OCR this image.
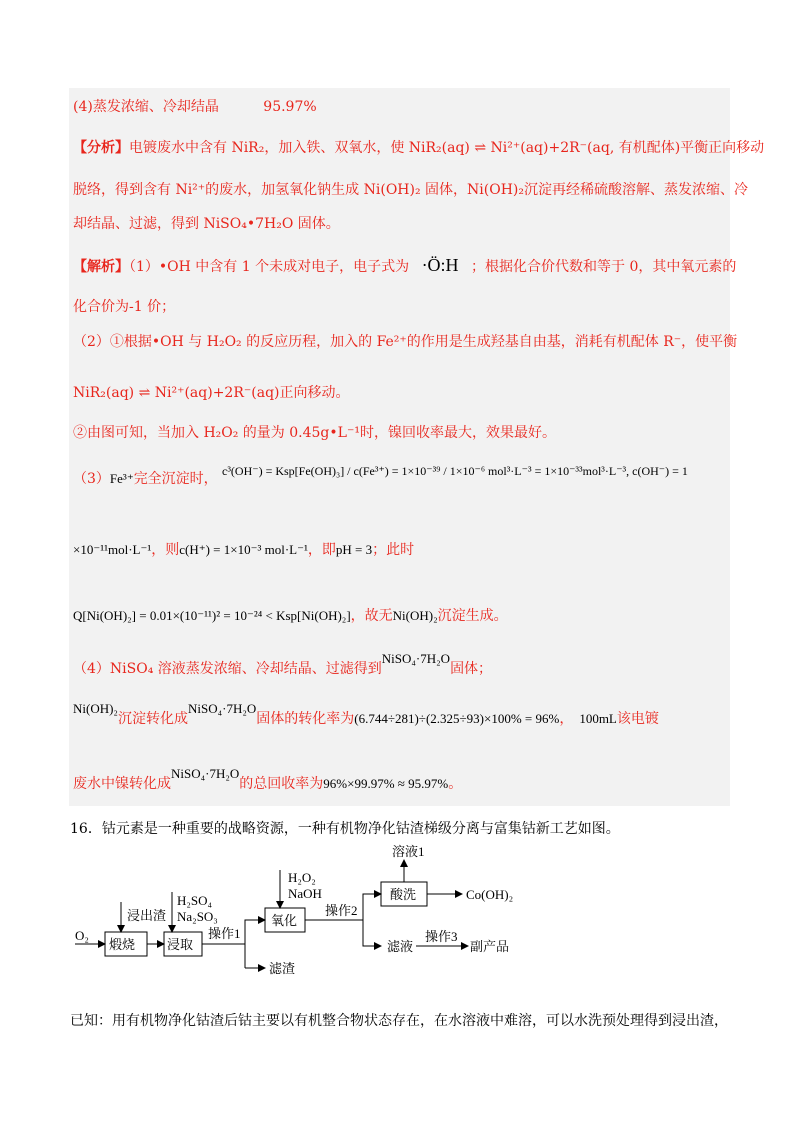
(4)蒸发浓缩、冷却结晶	95.97%
【分析】电镀废水中含有 NiR₂，加入铁、双氧水，使 NiR₂(aq) ⇌ Ni²⁺(aq)+2R⁻(aq, 有机配体)平衡正向移动
脱络，得到含有 Ni²⁺的废水，加氢氧化钠生成 Ni(OH)₂ 固体，Ni(OH)₂沉淀再经稀硫酸溶解、蒸发浓缩、冷
却结晶、过滤，得到 NiSO₄•7H₂O 固体。
【解析】（1）•OH 中含有 1 个未成对电子，电子式为 ·Ö:H ；根据化合价代数和等于 0，其中氧元素的
化合价为-1 价；
（2）①根据•OH 与 H₂O₂ 的反应历程，加入的 Fe²⁺的作用是生成羟基自由基，消耗有机配体 R⁻，使平衡
NiR₂(aq) ⇌ Ni²⁺(aq)+2R⁻(aq)正向移动。
②由图可知，当加入 H₂O₂ 的量为 0.45g•L⁻¹时，镍回收率最大，效果最好。
（3）Fe³⁺完全沉淀时， c³(OH⁻) = Ksp[Fe(OH)₃] / c(Fe³⁺) = 1×10⁻³⁹ / 1×10⁻⁶ mol³·L⁻³ = 1×10⁻³³mol³·L⁻³, c(OH⁻) = 1
×10⁻¹¹mol·L⁻¹，则c(H⁺) = 1×10⁻³ mol·L⁻¹，即pH = 3；此时
Q[Ni(OH)₂] = 0.01×(10⁻¹¹)² = 10⁻²⁴ < Ksp[Ni(OH)₂]，故无Ni(OH)₂沉淀生成。
（4）NiSO₄ 溶液蒸发浓缩、冷却结晶、过滤得到NiSO₄·7H₂O固体；
Ni(OH)₂沉淀转化成NiSO₄·7H₂O固体的转化率为(6.744÷281)÷(2.325÷93)×100% = 96%， 100mL该电镀
废水中镍转化成NiSO₄·7H₂O的总回收率为96%×99.97% ≈ 95.97%。
16．钴元素是一种重要的战略资源，一种有机物净化钴渣梯级分离与富集钴新工艺如图。
煅烧 浸取
氧化
酸洗
O₂
浸出渣
H₂SO₄
Na₂SO₃
操作1
滤渣
H₂O₂
NaOH
操作2
溶液1
Co(OH)₂
滤液
操作3
副产品
已知：用有机物净化钴渣后钴主要以有机整合物状态存在，在水溶液中难溶，可以水洗预处理得到浸出渣，
